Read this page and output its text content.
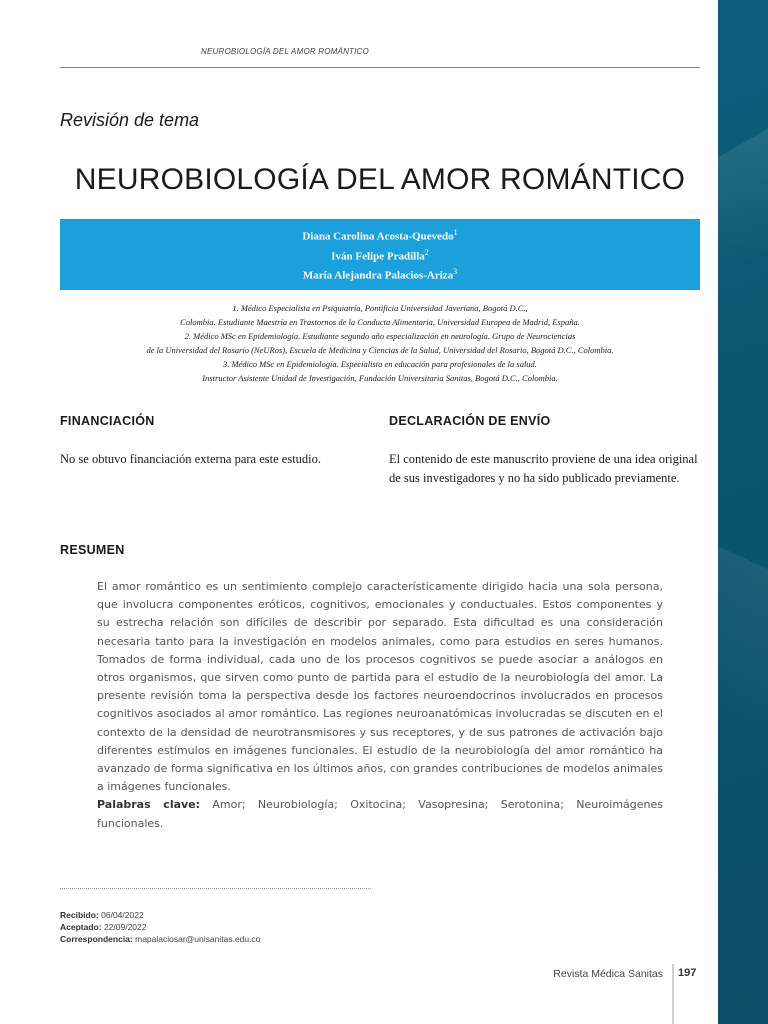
NEUROBIOLOGÍA DEL AMOR ROMÁNTICO
Revisión de tema
NEUROBIOLOGÍA DEL AMOR ROMÁNTICO
Diana Carolina Acosta-Quevedo$^1$
Iván Felipe Pradilla$^2$
María Alejandra Palacios-Ariza$^3$
1. Médico Especialista en Psiquiatría, Pontificia Universidad Javeriana, Bogotá D.C.,
Colombia. Estudiante Maestría en Trastornos de la Conducta Alimentaria, Universidad Europea de Madrid, España.
2. Médico MSc en Epidemiología. Estudiante segundo año especialización en neurología. Grupo de Neurociencias
de la Universidad del Rosario (NeURos), Escuela de Medicina y Ciencias de la Salud, Universidad del Rosario, Bogotá D.C., Colombia.
3. Médico MSc en Epidemiología. Especialista en educación para profesionales de la salud.
Instructor Asistente Unidad de Investigación, Fundación Universitaria Sanitas, Bogotá D.C., Colombia.
FINANCIACIÓN
No se obtuvo financiación externa para este estudio.
DECLARACIÓN DE ENVÍO
El contenido de este manuscrito proviene de una idea original de sus investigadores y no ha sido publicado previamente.
RESUMEN
El amor romántico es un sentimiento complejo característicamente dirigido hacia una sola persona, que involucra componentes eróticos, cognitivos, emocionales y conductuales. Estos componentes y su estrecha relación son difíciles de describir por separado. Esta dificultad es una consideración necesaria tanto para la investigación en modelos animales, como para estudios en seres humanos. Tomados de forma individual, cada uno de los procesos cognitivos se puede asociar a análogos en otros organismos, que sirven como punto de partida para el estudio de la neurobiología del amor. La presente revisión toma la perspectiva desde los factores neuroendocrinos involucrados en procesos cognitivos asociados al amor romántico. Las regiones neuroanatómicas involucradas se discuten en el contexto de la densidad de neurotransmisores y sus receptores, y de sus patrones de activación bajo diferentes estímulos en imágenes funcionales. El estudio de la neurobiología del amor romántico ha avanzado de forma significativa en los últimos años, con grandes contribuciones de modelos animales a imágenes funcionales.
Palabras clave: Amor; Neurobiología; Oxitocina; Vasopresina; Serotonina; Neuroimágenes funcionales.
Recibido: 06/04/2022
Aceptado: 22/09/2022
Correspondencia: mapalaciosar@unisanitas.edu.co
Revista Médica Sanitas 197
